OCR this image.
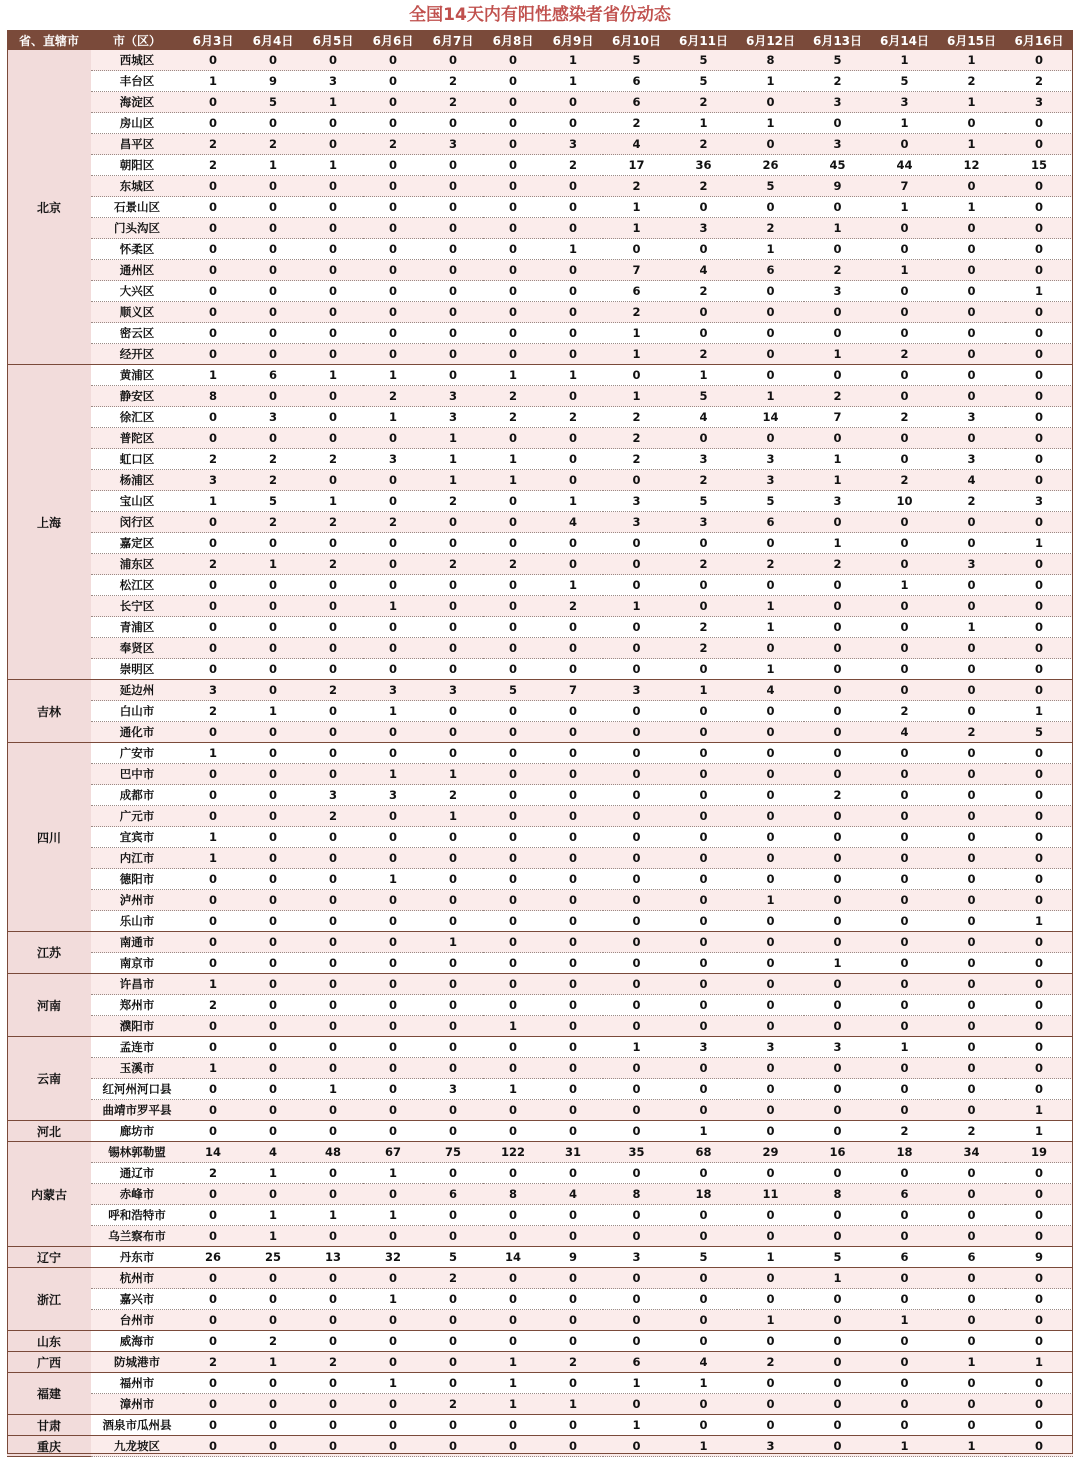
全国14天内有阳性感染者省份动态
省、直辖市	市（区）	6月3日	6月4日	6月5日	6月6日	6月7日	6月8日	6月9日	6月10日	6月11日	6月12日	6月13日	6月14日	6月15日	6月16日
北京	西城区	0	0	0	0	0	0	1	5	5	8	5	1	1	0
	丰台区	1	9	3	0	2	0	1	6	5	1	2	5	2	2
	海淀区	0	5	1	0	2	0	0	6	2	0	3	3	1	3
	房山区	0	0	0	0	0	0	0	2	1	1	0	1	0	0
	昌平区	2	2	0	2	3	0	3	4	2	0	3	0	1	0
	朝阳区	2	1	1	0	0	0	2	17	36	26	45	44	12	15
	东城区	0	0	0	0	0	0	0	2	2	5	9	7	0	0
	石景山区	0	0	0	0	0	0	0	1	0	0	0	1	1	0
	门头沟区	0	0	0	0	0	0	0	1	3	2	1	0	0	0
	怀柔区	0	0	0	0	0	0	1	0	0	1	0	0	0	0
	通州区	0	0	0	0	0	0	0	7	4	6	2	1	0	0
	大兴区	0	0	0	0	0	0	0	6	2	0	3	0	0	1
	顺义区	0	0	0	0	0	0	0	2	0	0	0	0	0	0
	密云区	0	0	0	0	0	0	0	1	0	0	0	0	0	0
	经开区	0	0	0	0	0	0	0	1	2	0	1	2	0	0
上海	黄浦区	1	6	1	1	0	1	1	0	1	0	0	0	0	0
	静安区	8	0	0	2	3	2	0	1	5	1	2	0	0	0
	徐汇区	0	3	0	1	3	2	2	2	4	14	7	2	3	0
	普陀区	0	0	0	0	1	0	0	2	0	0	0	0	0	0
	虹口区	2	2	2	3	1	1	0	2	3	3	1	0	3	0
	杨浦区	3	2	0	0	1	1	0	0	2	3	1	2	4	0
	宝山区	1	5	1	0	2	0	1	3	5	5	3	10	2	3
	闵行区	0	2	2	2	0	0	4	3	3	6	0	0	0	0
	嘉定区	0	0	0	0	0	0	0	0	0	0	1	0	0	1
	浦东区	2	1	2	0	2	2	0	0	2	2	2	0	3	0
	松江区	0	0	0	0	0	0	1	0	0	0	0	1	0	0
	长宁区	0	0	0	1	0	0	2	1	0	1	0	0	0	0
	青浦区	0	0	0	0	0	0	0	0	2	1	0	0	1	0
	奉贤区	0	0	0	0	0	0	0	0	2	0	0	0	0	0
	崇明区	0	0	0	0	0	0	0	0	0	1	0	0	0	0
吉林	延边州	3	0	2	3	3	5	7	3	1	4	0	0	0	0
	白山市	2	1	0	1	0	0	0	0	0	0	0	2	0	1
	通化市	0	0	0	0	0	0	0	0	0	0	0	4	2	5
四川	广安市	1	0	0	0	0	0	0	0	0	0	0	0	0	0
	巴中市	0	0	0	1	1	0	0	0	0	0	0	0	0	0
	成都市	0	0	3	3	2	0	0	0	0	0	2	0	0	0
	广元市	0	0	2	0	1	0	0	0	0	0	0	0	0	0
	宜宾市	1	0	0	0	0	0	0	0	0	0	0	0	0	0
	内江市	1	0	0	0	0	0	0	0	0	0	0	0	0	0
	德阳市	0	0	0	1	0	0	0	0	0	0	0	0	0	0
	泸州市	0	0	0	0	0	0	0	0	0	1	0	0	0	0
	乐山市	0	0	0	0	0	0	0	0	0	0	0	0	0	1
江苏	南通市	0	0	0	0	1	0	0	0	0	0	0	0	0	0
	南京市	0	0	0	0	0	0	0	0	0	0	1	0	0	0
河南	许昌市	1	0	0	0	0	0	0	0	0	0	0	0	0	0
	郑州市	2	0	0	0	0	0	0	0	0	0	0	0	0	0
	濮阳市	0	0	0	0	0	1	0	0	0	0	0	0	0	0
云南	孟连市	0	0	0	0	0	0	0	1	3	3	3	1	0	0
	玉溪市	1	0	0	0	0	0	0	0	0	0	0	0	0	0
	红河州河口县	0	0	1	0	3	1	0	0	0	0	0	0	0	0
	曲靖市罗平县	0	0	0	0	0	0	0	0	0	0	0	0	0	1
河北	廊坊市	0	0	0	0	0	0	0	0	1	0	0	2	2	1
内蒙古	锡林郭勒盟	14	4	48	67	75	122	31	35	68	29	16	18	34	19
	通辽市	2	1	0	1	0	0	0	0	0	0	0	0	0	0
	赤峰市	0	0	0	0	6	8	4	8	18	11	8	6	0	0
	呼和浩特市	0	1	1	1	0	0	0	0	0	0	0	0	0	0
	乌兰察布市	0	1	0	0	0	0	0	0	0	0	0	0	0	0
辽宁	丹东市	26	25	13	32	5	14	9	3	5	1	5	6	6	9
浙江	杭州市	0	0	0	0	2	0	0	0	0	0	1	0	0	0
	嘉兴市	0	0	0	1	0	0	0	0	0	0	0	0	0	0
	台州市	0	0	0	0	0	0	0	0	0	1	0	1	0	0
山东	威海市	0	2	0	0	0	0	0	0	0	0	0	0	0	0
广西	防城港市	2	1	2	0	0	1	2	6	4	2	0	0	1	1
福建	福州市	0	0	0	1	0	1	0	1	1	0	0	0	0	0
	漳州市	0	0	0	0	2	1	1	0	0	0	0	0	0	0
甘肃	酒泉市瓜州县	0	0	0	0	0	0	0	1	0	0	0	0	0	0
重庆	九龙坡区	0	0	0	0	0	0	0	0	1	3	0	1	1	0
